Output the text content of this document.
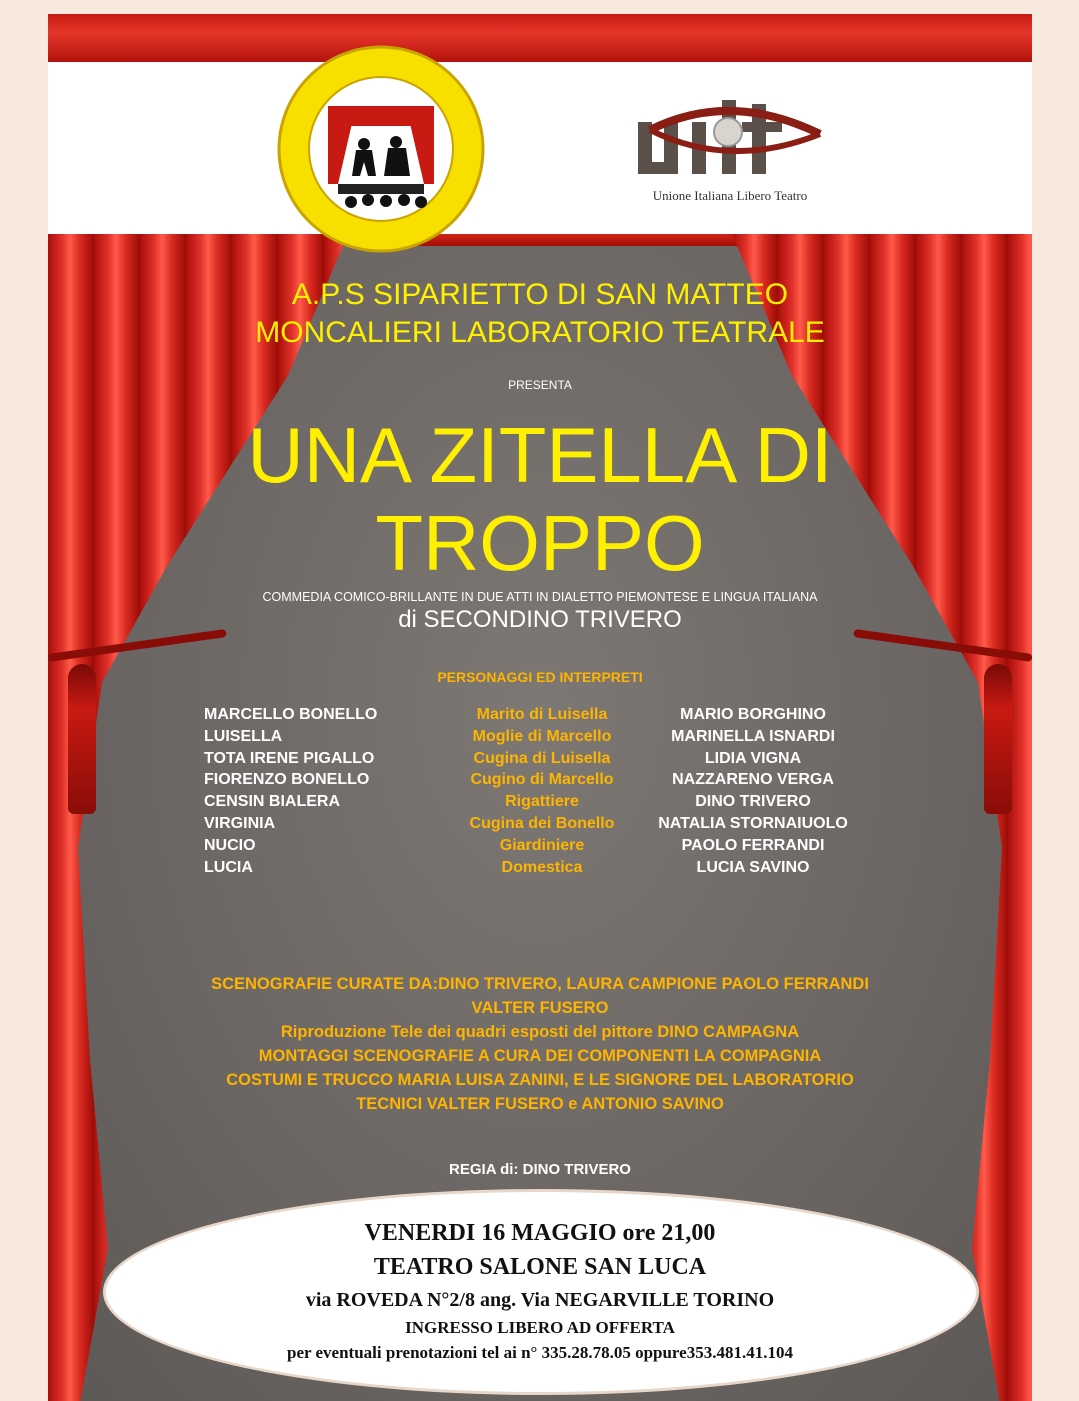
Unione Italiana Libero Teatro
A.P.S SIPARIETTO DI SAN MATTEO
MONCALIERI LABORATORIO TEATRALE
PRESENTA
UNA ZITELLA DI
TROPPO
COMMEDIA COMICO-BRILLANTE IN DUE ATTI IN DIALETTO PIEMONTESE E LINGUA ITALIANA
di SECONDINO TRIVERO
PERSONAGGI ED INTERPRETI
MARCELLO BONELLO
LUISELLA
TOTA IRENE PIGALLO
FIORENZO BONELLO
CENSIN BIALERA
VIRGINIA
NUCIO
LUCIA
Marito di Luisella
Moglie di Marcello
Cugina di Luisella
Cugino di Marcello
Rigattiere
Cugina dei Bonello
Giardiniere
Domestica
MARIO BORGHINO
MARINELLA ISNARDI
LIDIA VIGNA
NAZZARENO VERGA
DINO TRIVERO
NATALIA STORNAIUOLO
PAOLO FERRANDI
LUCIA SAVINO
SCENOGRAFIE CURATE DA:DINO TRIVERO, LAURA CAMPIONE PAOLO FERRANDI
VALTER FUSERO
Riproduzione Tele dei quadri esposti del pittore DINO CAMPAGNA
MONTAGGI SCENOGRAFIE A CURA DEI COMPONENTI LA COMPAGNIA
COSTUMI E TRUCCO MARIA LUISA ZANINI, E LE SIGNORE DEL LABORATORIO
TECNICI VALTER FUSERO e ANTONIO SAVINO
REGIA di: DINO TRIVERO
VENERDI 16 MAGGIO ore 21,00
TEATRO SALONE SAN LUCA
via ROVEDA N°2/8 ang. Via NEGARVILLE TORINO
INGRESSO LIBERO AD OFFERTA
per eventuali prenotazioni tel ai n° 335.28.78.05 oppure353.481.41.104
